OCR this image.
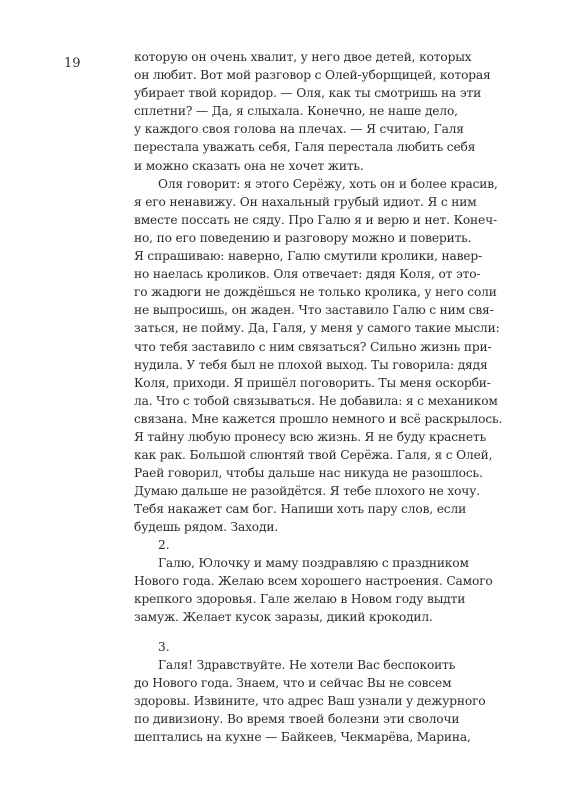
19	которую он очень хвалит, у него двое детей, которых
он любит. Вот мой разговор с Олей-уборщицей, которая
убирает твой коридор. — Оля, как ты смотришь на эти
сплетни? — Да, я слыхала. Конечно, не наше дело,
у каждого своя голова на плечах. — Я считаю, Галя
перестала уважать себя, Галя перестала любить себя
и можно сказать она не хочет жить.
Оля говорит: я этого Серёжу, хоть он и более красив,
я его ненавижу. Он нахальный грубый идиот. Я с ним
вместе поссать не сяду. Про Галю я и верю и нет. Конеч-
но, по его поведению и разговору можно и поверить.
Я спрашиваю: наверно, Галю смутили кролики, навер-
но наелась кроликов. Оля отвечает: дядя Коля, от это-
го жадюги не дождёшься не только кролика, у него соли
не выпросишь, он жаден. Что заставило Галю с ним свя-
заться, не пойму. Да, Галя, у меня у самого такие мысли:
что тебя заставило с ним связаться? Сильно жизнь при-
нудила. У тебя был не плохой выход. Ты говорила: дядя
Коля, приходи. Я пришёл поговорить. Ты меня оскорби-
ла. Что с тобой связываться. Не добавила: я с механиком
связана. Мне кажется прошло немного и всё раскрылось.
Я тайну любую пронесу всю жизнь. Я не буду краснеть
как рак. Большой слюнтяй твой Серёжа. Галя, я с Олей,
Раей говорил, чтобы дальше нас никуда не разошлось.
Думаю дальше не разойдётся. Я тебе плохого не хочу.
Тебя накажет сам бог. Напиши хоть пару слов, если
будешь рядом. Заходи.
2.
Галю, Юлочку и маму поздравляю с праздником
Нового года. Желаю всем хорошего настроения. Самого
крепкого здоровья. Гале желаю в Новом году выдти
замуж. Желает кусок заразы, дикий крокодил.
3.
Галя! Здравствуйте. Не хотели Вас беспокоить
до Нового года. Знаем, что и сейчас Вы не совсем
здоровы. Извините, что адрес Ваш узнали у дежурного
по дивизиону. Во время твоей болезни эти сволочи
шептались на кухне — Байкеев, Чекмарёва, Марина,
